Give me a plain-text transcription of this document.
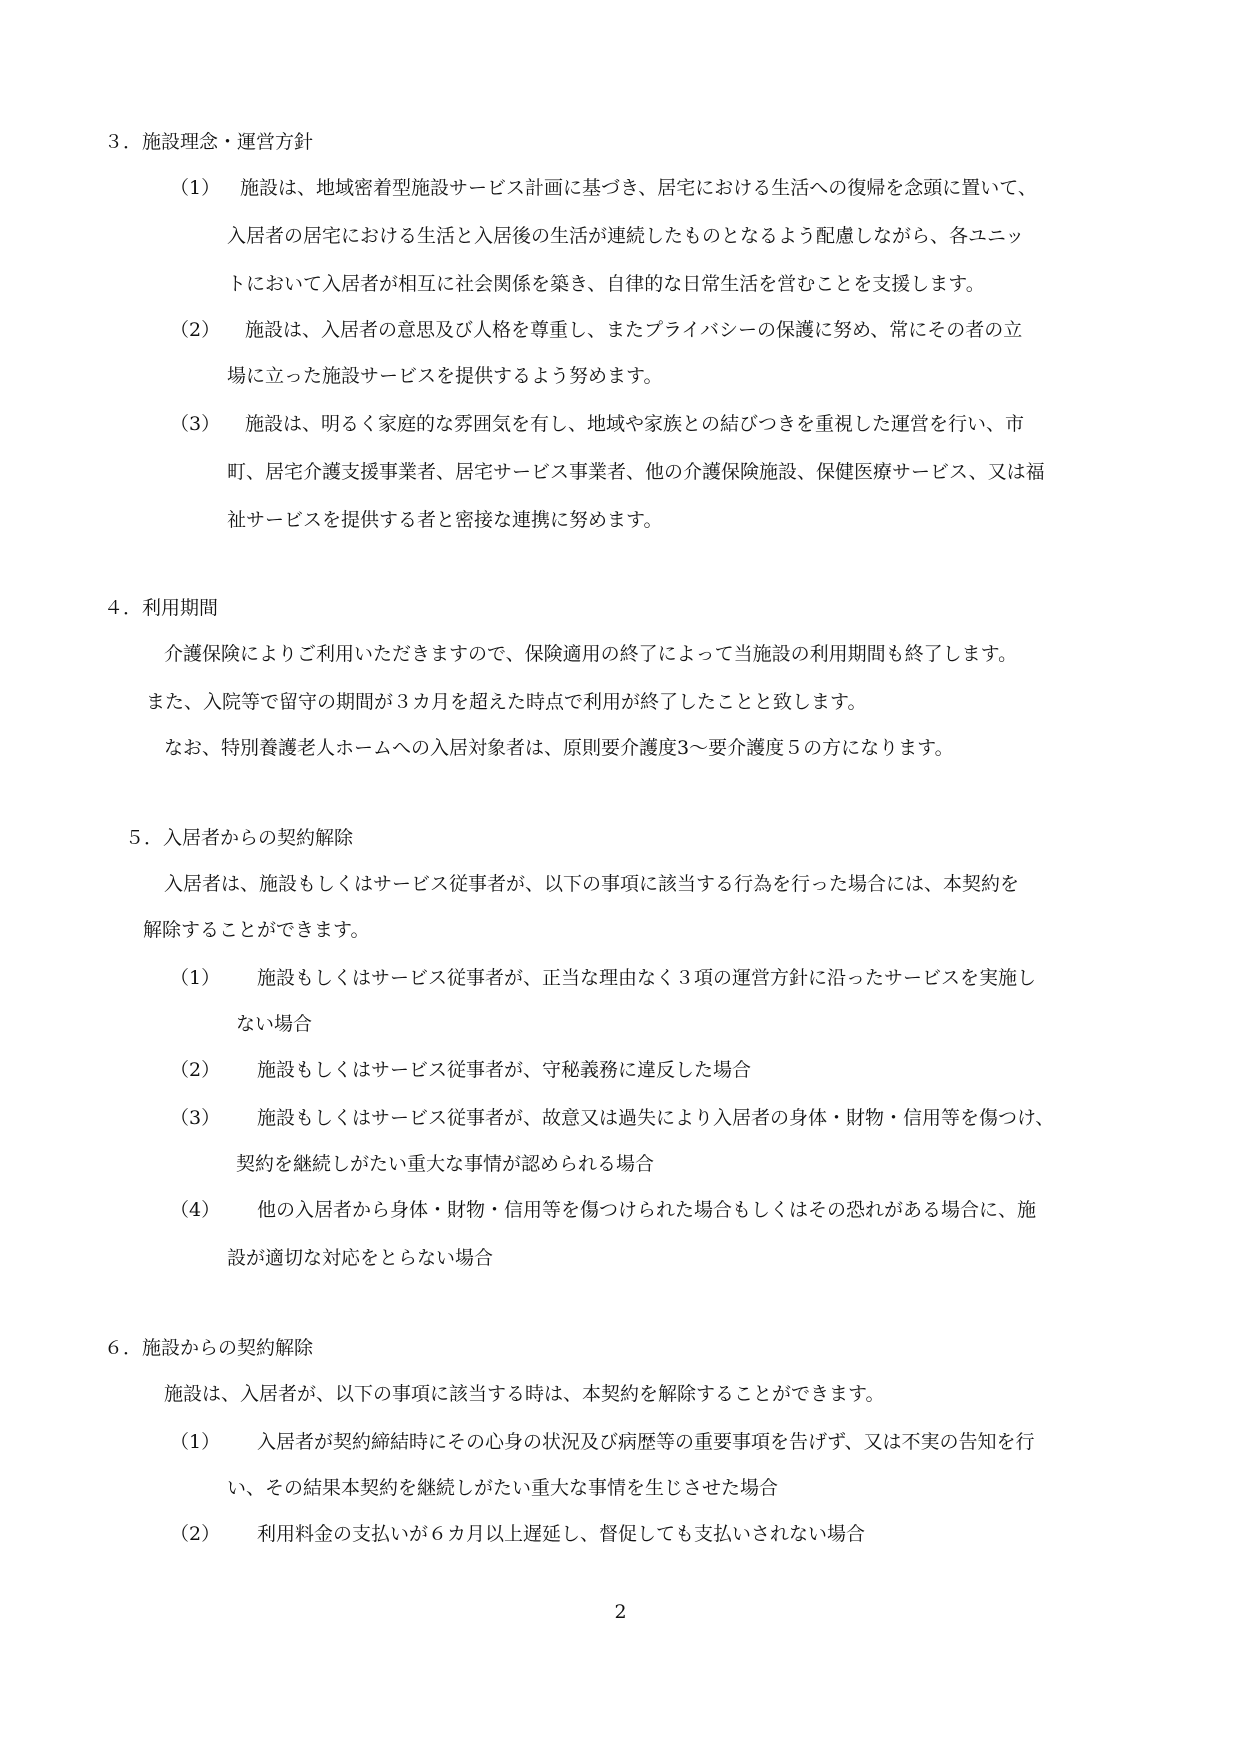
３．施設理念・運営方針
（1） 施設は、地域密着型施設サービス計画に基づき、居宅における生活への復帰を念頭に置いて、
入居者の居宅における生活と入居後の生活が連続したものとなるよう配慮しながら、各ユニッ
トにおいて入居者が相互に社会関係を築き、自律的な日常生活を営むことを支援します。
（2） 施設は、入居者の意思及び人格を尊重し、またプライバシーの保護に努め、常にその者の立
場に立った施設サービスを提供するよう努めます。
（3） 施設は、明るく家庭的な雰囲気を有し、地域や家族との結びつきを重視した運営を行い、市
町、居宅介護支援事業者、居宅サービス事業者、他の介護保険施設、保健医療サービス、又は福
祉サービスを提供する者と密接な連携に努めます。
４．利用期間
介護保険によりご利用いただきますので、保険適用の終了によって当施設の利用期間も終了します。
また、入院等で留守の期間が３カ月を超えた時点で利用が終了したことと致します。
なお、特別養護老人ホームへの入居対象者は、原則要介護度3～要介護度５の方になります。
５．入居者からの契約解除
入居者は、施設もしくはサービス従事者が、以下の事項に該当する行為を行った場合には、本契約を
解除することができます。
（1） 施設もしくはサービス従事者が、正当な理由なく３項の運営方針に沿ったサービスを実施し
ない場合
（2） 施設もしくはサービス従事者が、守秘義務に違反した場合
（3） 施設もしくはサービス従事者が、故意又は過失により入居者の身体・財物・信用等を傷つけ、
契約を継続しがたい重大な事情が認められる場合
（4） 他の入居者から身体・財物・信用等を傷つけられた場合もしくはその恐れがある場合に、施
設が適切な対応をとらない場合
６．施設からの契約解除
施設は、入居者が、以下の事項に該当する時は、本契約を解除することができます。
（1） 入居者が契約締結時にその心身の状況及び病歴等の重要事項を告げず、又は不実の告知を行
い、その結果本契約を継続しがたい重大な事情を生じさせた場合
（2） 利用料金の支払いが６カ月以上遅延し、督促しても支払いされない場合
2
